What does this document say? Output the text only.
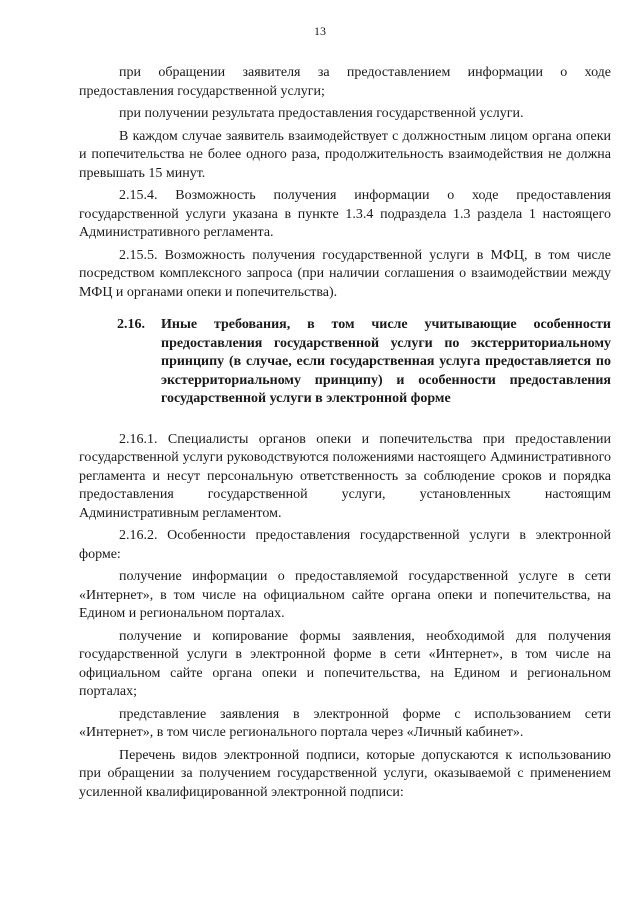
13

при обращении заявителя за предоставлением информации о ходе предоставления государственной услуги;

при получении результата предоставления государственной услуги.

В каждом случае заявитель взаимодействует с должностным лицом органа опеки и попечительства не более одного раза, продолжительность взаимодействия не должна превышать 15 минут.

2.15.4. Возможность получения информации о ходе предоставления государственной услуги указана в пункте 1.3.4 подраздела 1.3 раздела 1 настоящего Административного регламента.

2.15.5. Возможность получения государственной услуги в МФЦ, в том числе посредством комплексного запроса (при наличии соглашения о взаимодействии между МФЦ и органами опеки и попечительства).

2.16.	Иные требования, в том числе учитывающие особенности предоставления государственной услуги по экстерриториальному принципу (в случае, если государственная услуга предоставляется по экстерриториальному принципу) и особенности предоставления государственной услуги в электронной форме

2.16.1. Специалисты органов опеки и попечительства при предоставлении государственной услуги руководствуются положениями настоящего Административного регламента и несут персональную ответственность за соблюдение сроков и порядка предоставления государственной услуги, установленных настоящим Административным регламентом.

2.16.2. Особенности предоставления государственной услуги в электронной форме:

получение информации о предоставляемой государственной услуге в сети «Интернет», в том числе на официальном сайте органа опеки и попечительства, на Едином и региональном порталах.

получение и копирование формы заявления, необходимой для получения государственной услуги в электронной форме в сети «Интернет», в том числе на официальном сайте органа опеки и попечительства, на Едином и региональном порталах;

представление заявления в электронной форме с использованием сети «Интернет», в том числе регионального портала через «Личный кабинет».

Перечень видов электронной подписи, которые допускаются к использованию при обращении за получением государственной услуги, оказываемой с применением усиленной квалифицированной электронной подписи:
